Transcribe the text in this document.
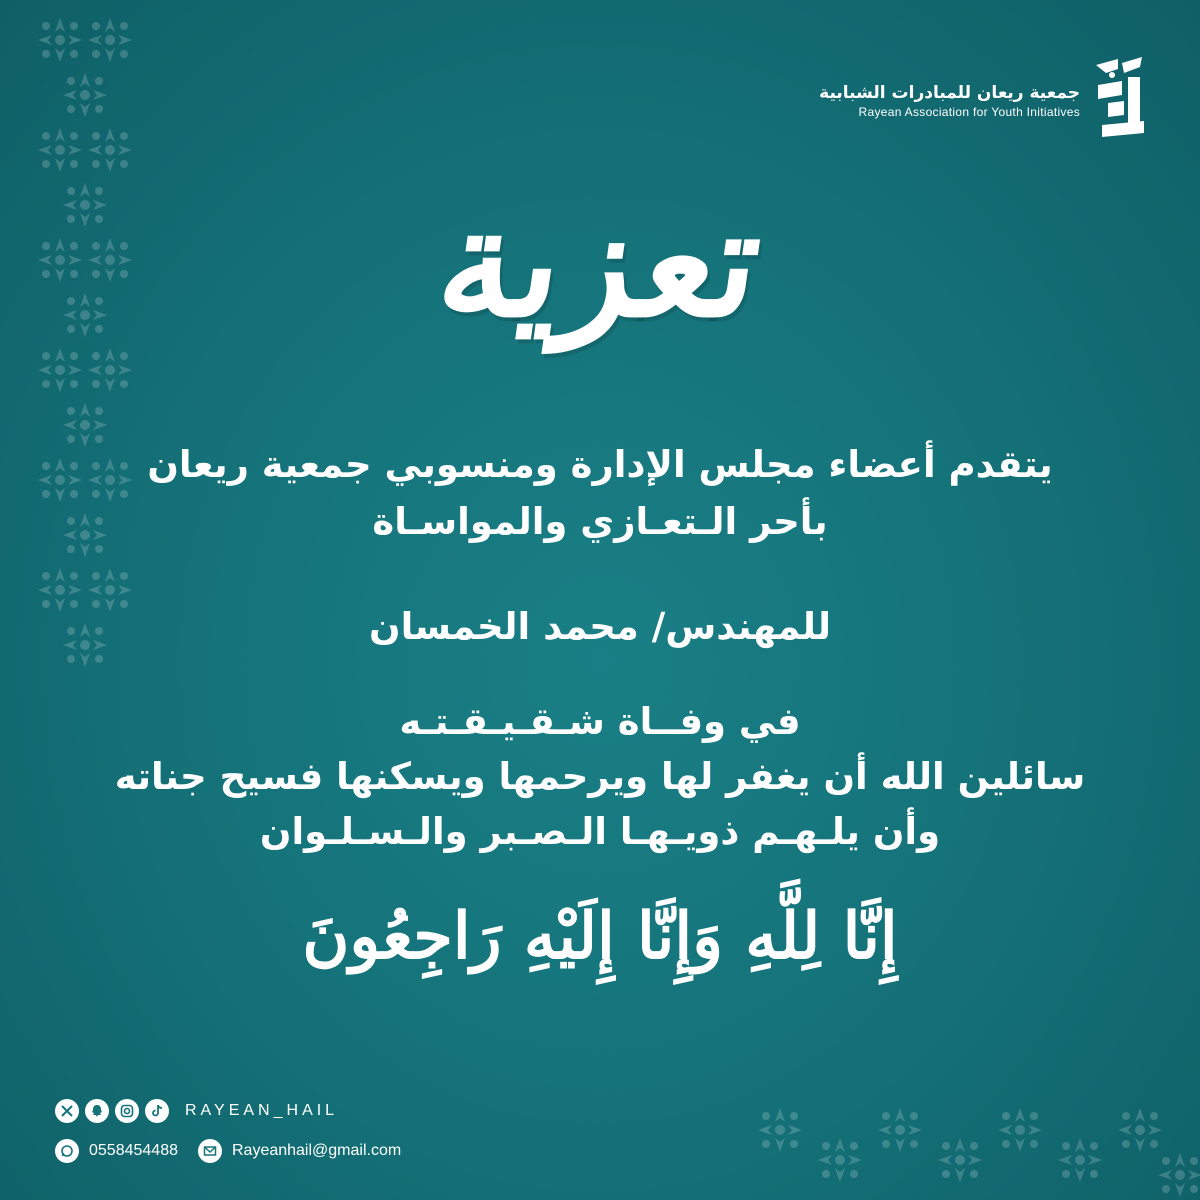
جمعية ريعان للمبادرات الشبابية
Rayean Association for Youth Initiatives
تعزية
يتقدم أعضاء مجلس الإدارة ومنسوبي جمعية ريعان
بأحر الـتعـازي والمواسـاة
للمهندس/ محمد الخمسان
في وفــاة شـقـيـقـتـه
سائلين الله أن يغفر لها ويرحمها ويسكنها فسيح جناته
وأن يلـهـم ذويـهـا الـصـبر والـسـلـوان
إِنَّا لِلَّهِ وَإِنَّا إِلَيْهِ رَاجِعُونَ
RAYEAN_HAIL
0558454488	Rayeanhail@gmail.com
